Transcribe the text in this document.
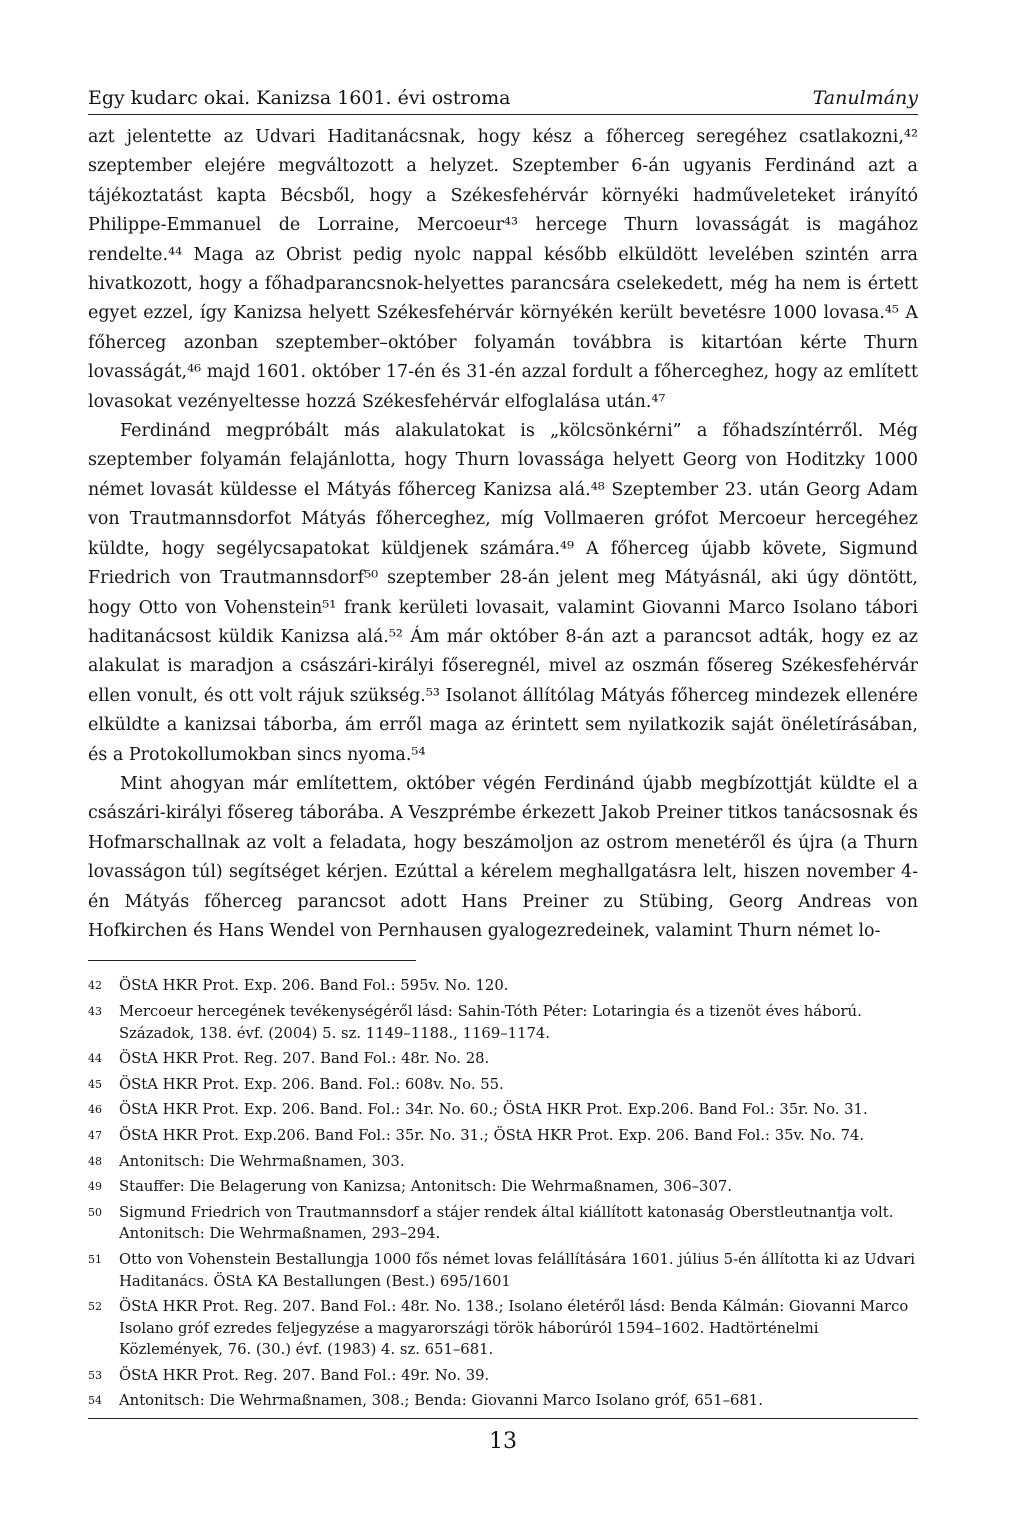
Egy kudarc okai. Kanizsa 1601. évi ostroma	Tanulmány

azt jelentette az Udvari Haditanácsnak, hogy kész a főherceg seregéhez csatlakozni,⁴² szeptember elejére megváltozott a helyzet. Szeptember 6-án ugyanis Ferdinánd azt a tájékoztatást kapta Bécsből, hogy a Székesfehérvár környéki hadműveleteket irányító Philippe-Emmanuel de Lorraine, Mercoeur⁴³ hercege Thurn lovasságát is magához rendelte.⁴⁴ Maga az Obrist pedig nyolc nappal később elküldött levelében szintén arra hivatkozott, hogy a főhadparancsnok-helyettes parancsára cselekedett, még ha nem is értett egyet ezzel, így Kanizsa helyett Székesfehérvár környékén került bevetésre 1000 lovasa.⁴⁵ A főherceg azonban szeptember–október folyamán továbbra is kitartóan kérte Thurn lovasságát,⁴⁶ majd 1601. október 17-én és 31-én azzal fordult a főherceghez, hogy az említett lovasokat vezényeltesse hozzá Székesfehérvár elfoglalása után.⁴⁷

Ferdinánd megpróbált más alakulatokat is „kölcsönkérni” a főhadszíntérről. Még szeptember folyamán felajánlotta, hogy Thurn lovassága helyett Georg von Hoditzky 1000 német lovasát küldesse el Mátyás főherceg Kanizsa alá.⁴⁸ Szeptember 23. után Georg Adam von Trautmannsdorfot Mátyás főherceghez, míg Vollmaeren grófot Mercoeur hercegéhez küldte, hogy segélycsapatokat küldjenek számára.⁴⁹ A főherceg újabb követe, Sigmund Friedrich von Trautmannsdorf⁵⁰ szeptember 28-án jelent meg Mátyásnál, aki úgy döntött, hogy Otto von Vohenstein⁵¹ frank kerületi lovasait, valamint Giovanni Marco Isolano tábori haditanácsost küldik Kanizsa alá.⁵² Ám már október 8-án azt a parancsot adták, hogy ez az alakulat is maradjon a császári-királyi főseregnél, mivel az oszmán fősereg Székesfehérvár ellen vonult, és ott volt rájuk szükség.⁵³ Isolanot állítólag Mátyás főherceg mindezek ellenére elküldte a kanizsai táborba, ám erről maga az érintett sem nyilatkozik saját önéletírásában, és a Protokollumokban sincs nyoma.⁵⁴

Mint ahogyan már említettem, október végén Ferdinánd újabb megbízottját küldte el a császári-királyi fősereg táborába. A Veszprémbe érkezett Jakob Preiner titkos tanácsosnak és Hofmarschallnak az volt a feladata, hogy beszámoljon az ostrom menetéről és újra (a Thurn lovasságon túl) segítséget kérjen. Ezúttal a kérelem meghallgatásra lelt, hiszen november 4-én Mátyás főherceg parancsot adott Hans Preiner zu Stübing, Georg Andreas von Hofkirchen és Hans Wendel von Pernhausen gyalogezredeinek, valamint Thurn német lo-

42	ÖStA HKR Prot. Exp. 206. Band Fol.: 595v. No. 120.
43	Mercoeur hercegének tevékenységéről lásd: Sahin-Tóth Péter: Lotaringia és a tizenöt éves háború. Századok, 138. évf. (2004) 5. sz. 1149–1188., 1169–1174.
44	ÖStA HKR Prot. Reg. 207. Band Fol.: 48r. No. 28.
45	ÖStA HKR Prot. Exp. 206. Band. Fol.: 608v. No. 55.
46	ÖStA HKR Prot. Exp. 206. Band. Fol.: 34r. No. 60.; ÖStA HKR Prot. Exp.206. Band Fol.: 35r. No. 31.
47	ÖStA HKR Prot. Exp.206. Band Fol.: 35r. No. 31.; ÖStA HKR Prot. Exp. 206. Band Fol.: 35v. No. 74.
48	Antonitsch: Die Wehrmaßnamen, 303.
49	Stauffer: Die Belagerung von Kanizsa; Antonitsch: Die Wehrmaßnamen, 306–307.
50	Sigmund Friedrich von Trautmannsdorf a stájer rendek által kiállított katonaság Oberstleutnantja volt. Antonitsch: Die Wehrmaßnamen, 293–294.
51	Otto von Vohenstein Bestallungja 1000 fős német lovas felállítására 1601. július 5-én állította ki az Udvari Haditanács. ÖStA KA Bestallungen (Best.) 695/1601
52	ÖStA HKR Prot. Reg. 207. Band Fol.: 48r. No. 138.; Isolano életéről lásd: Benda Kálmán: Giovanni Marco Isolano gróf ezredes feljegyzése a magyarországi török háborúról 1594–1602. Hadtörténelmi Közlemények, 76. (30.) évf. (1983) 4. sz. 651–681.
53	ÖStA HKR Prot. Reg. 207. Band Fol.: 49r. No. 39.
54	Antonitsch: Die Wehrmaßnamen, 308.; Benda: Giovanni Marco Isolano gróf, 651–681.
13
